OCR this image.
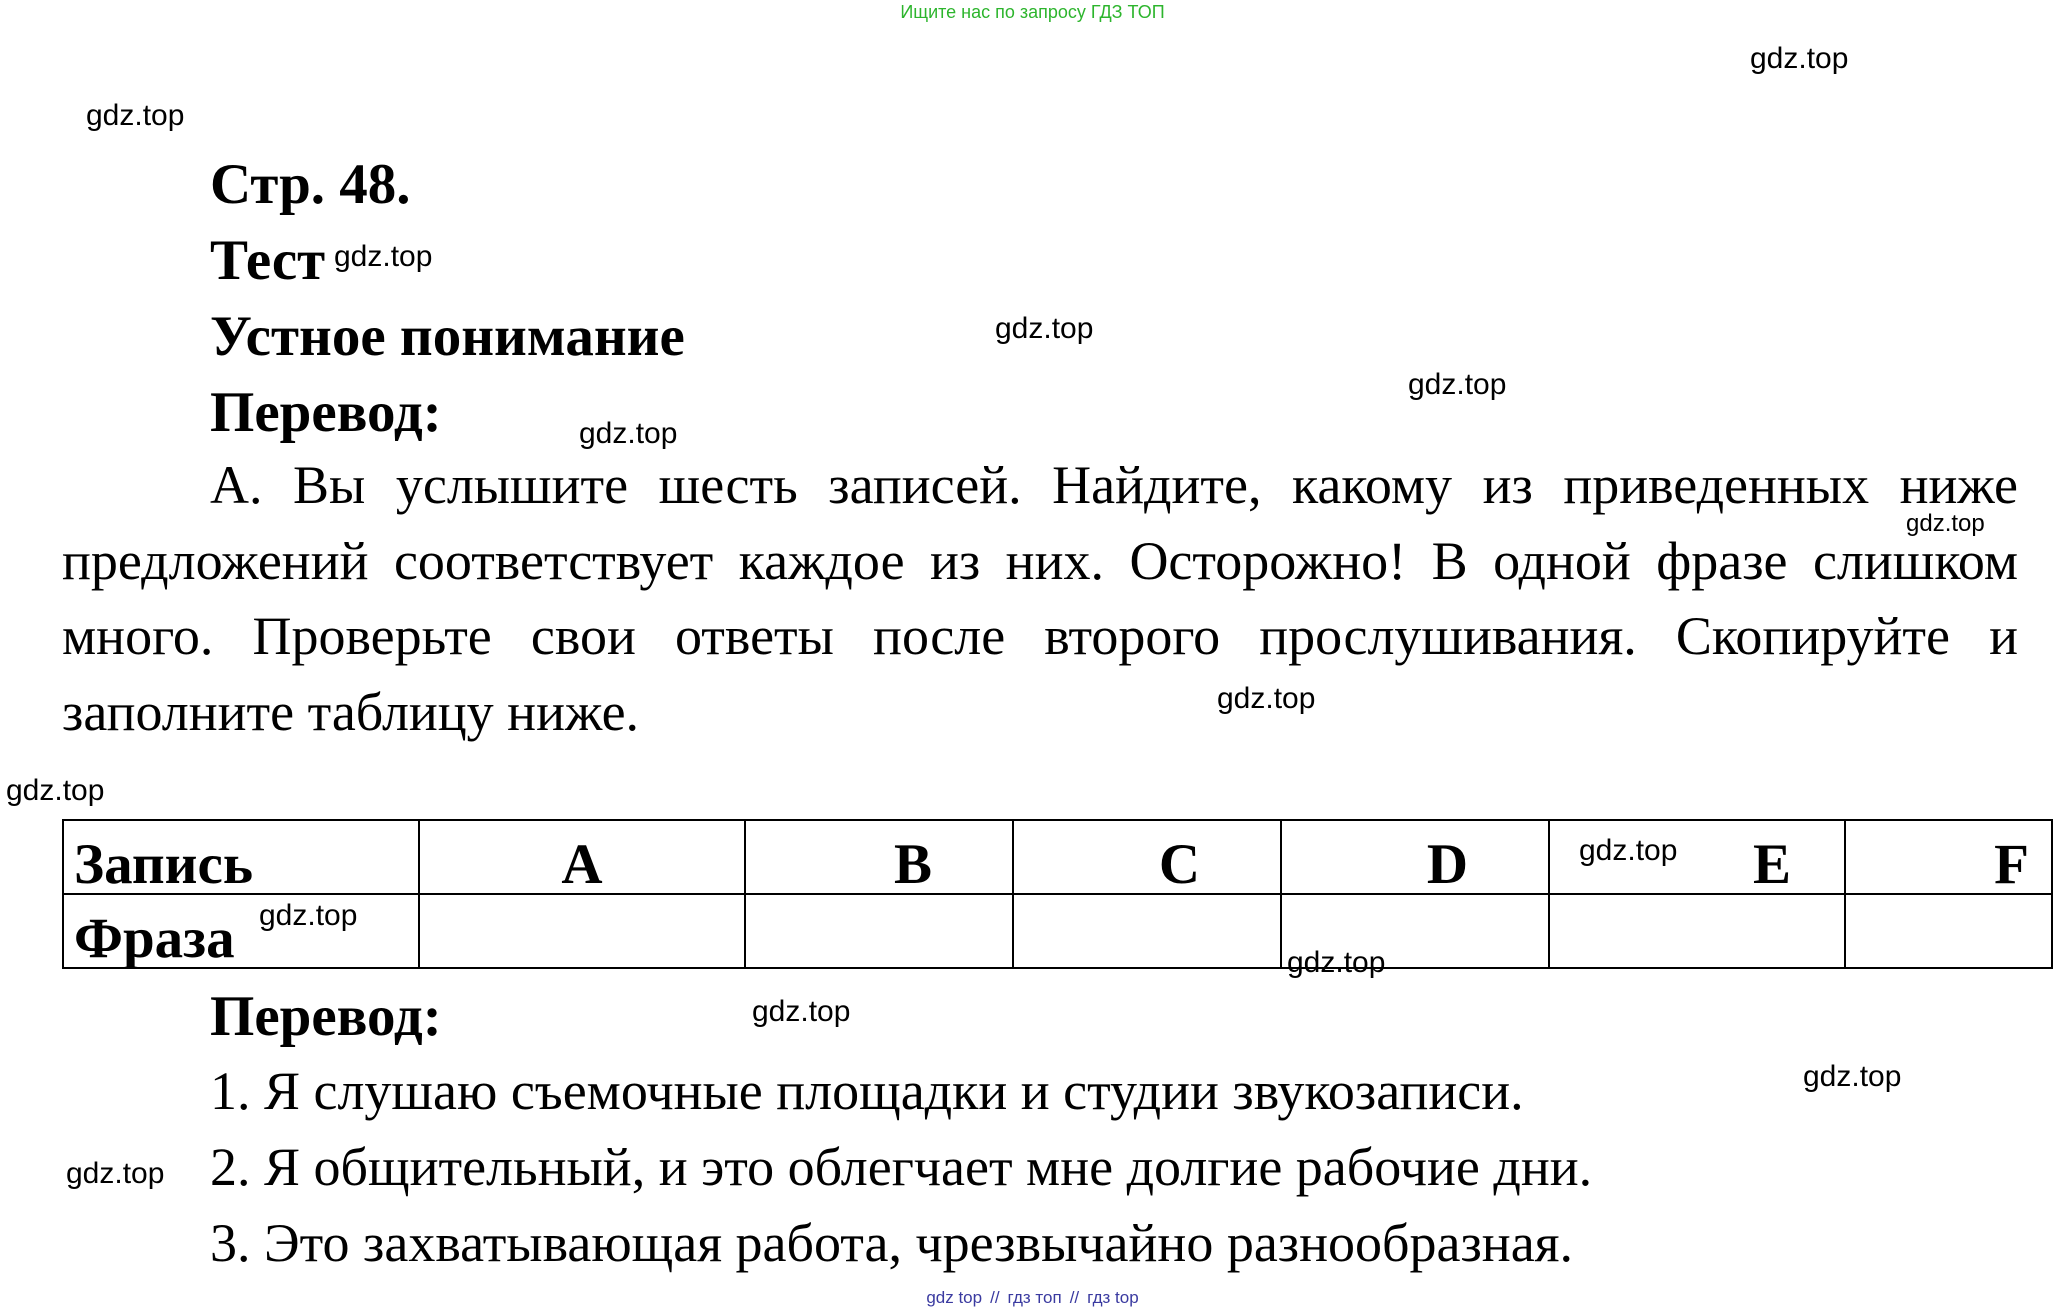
Ищите нас по запросу ГДЗ ТОП
gdz.top
gdz.top
gdz.top
gdz.top
gdz.top
gdz.top
gdz.top
gdz.top
gdz.top
gdz.top
gdz.top
gdz.top
gdz.top
gdz.top
gdz.top
Стр. 48.
Тест
Устное понимание
Перевод:
А. Вы услышите шесть записей. Найдите, какому из приведенных ниже предложений соответствует каждое из них. Осторожно! В одной фразе слишком много. Проверьте свои ответы после второго прослушивания. Скопируйте и заполните таблицу ниже.
Запись	A	B	C	D	E	F
Фраза						
Перевод:
1. Я слушаю съемочные площадки и студии звукозаписи.
2. Я общительный, и это облегчает мне долгие рабочие дни.
3. Это захватывающая работа, чрезвычайно разнообразная.
gdz top // гдз топ // гдз top
